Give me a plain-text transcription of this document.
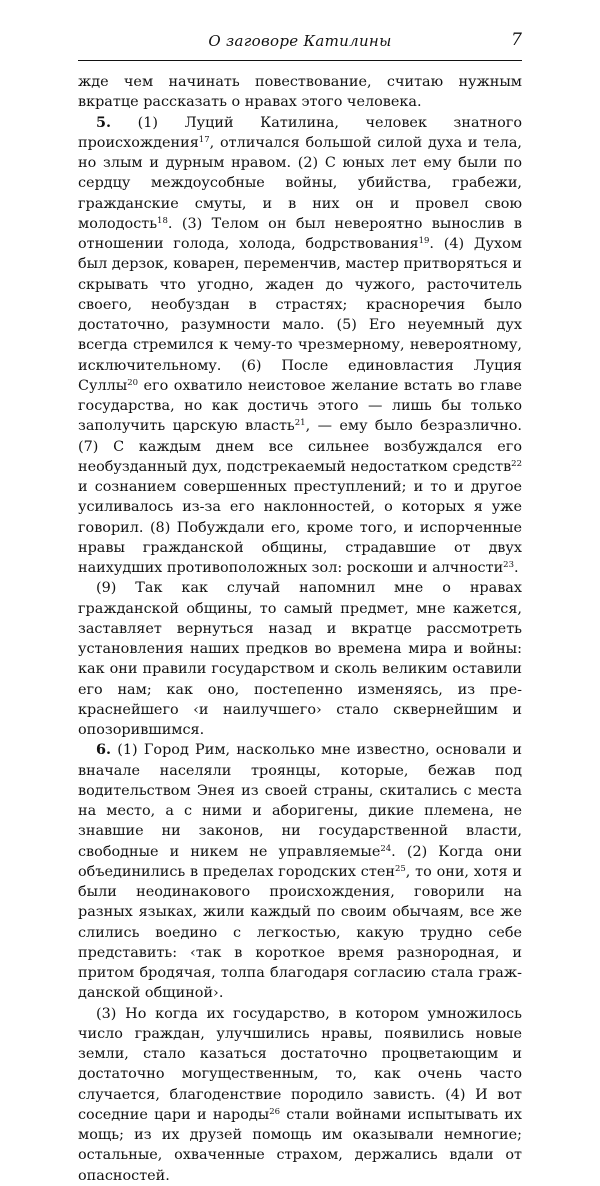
О заговоре Катилины	7

жде чем начинать повествование, считаю нужным вкратце рассказать о нравах этого человека.

5. (1) Луций Катилина, человек знатного происхождения$^{17}$, отличался большой силой духа и тела, но злым и дурным нравом. (2) С юных лет ему были по сердцу междоусобные войны, убийства, грабежи, гражданские смуты, и в них он и провел свою молодость$^{18}$. (3) Телом он был невероятно вынослив в отношении голода, холода, бодрствования$^{19}$. (4) Духом был дерзок, коварен, переменчив, мастер притворяться и скрывать что угодно, жаден до чужого, расточитель своего, необуздан в страстях; красноречия было достаточно, разумности мало. (5) Его неуемный дух всегда стремился к чему-то чрезмерному, невероятному, исключительному. (6) После единовластия Луция Суллы$^{20}$ его охватило неистовое желание встать во главе государства, но как достичь этого — лишь бы только заполучить царскую власть$^{21}$, — ему было безразлично. (7) С каждым днем все сильнее возбуждался его необузданный дух, подстрекаемый недостатком средств$^{22}$ и сознанием совершенных преступлений; и то и другое усиливалось из-за его наклонностей, о которых я уже говорил. (8) Побуждали его, кроме того, и испорченные нравы гражданской общины, страдавшие от двух наихудших противоположных зол: роскоши и алчности$^{23}$.

(9) Так как случай напомнил мне о нравах гражданской общины, то самый предмет, мне кажется, заставляет вернуться назад и вкратце рассмотреть установления наших предков во времена мира и войны: как они правили государством и сколь великим оставили его нам; как оно, постепенно изменяясь, из прекраснейшего ‹и наилучшего› стало сквернейшим и опозорившимся.

6. (1) Город Рим, насколько мне известно, основали и вначале населяли троянцы, которые, бежав под водительством Энея из своей страны, скитались с места на место, а с ними и аборигены, дикие племена, не знавшие ни законов, ни государственной власти, свободные и никем не управляемые$^{24}$. (2) Когда они объединились в пределах городских стен$^{25}$, то они, хотя и были неодинакового происхождения, говорили на разных языках, жили каждый по своим обычаям, все же слились воедино с легкостью, какую трудно себе представить: ‹так в короткое время разнородная, и притом бродячая, толпа благодаря согласию стала гражданской общиной›.

(3) Но когда их государство, в котором умножилось число граждан, улучшились нравы, появились новые земли, стало казаться достаточно процветающим и достаточно могущественным, то, как очень часто случается, благоденствие породило зависть. (4) И вот соседние цари и народы$^{26}$ стали войнами испытывать их мощь; из их друзей помощь им оказывали немногие; остальные, охваченные страхом, держались вдали от опасностей.
